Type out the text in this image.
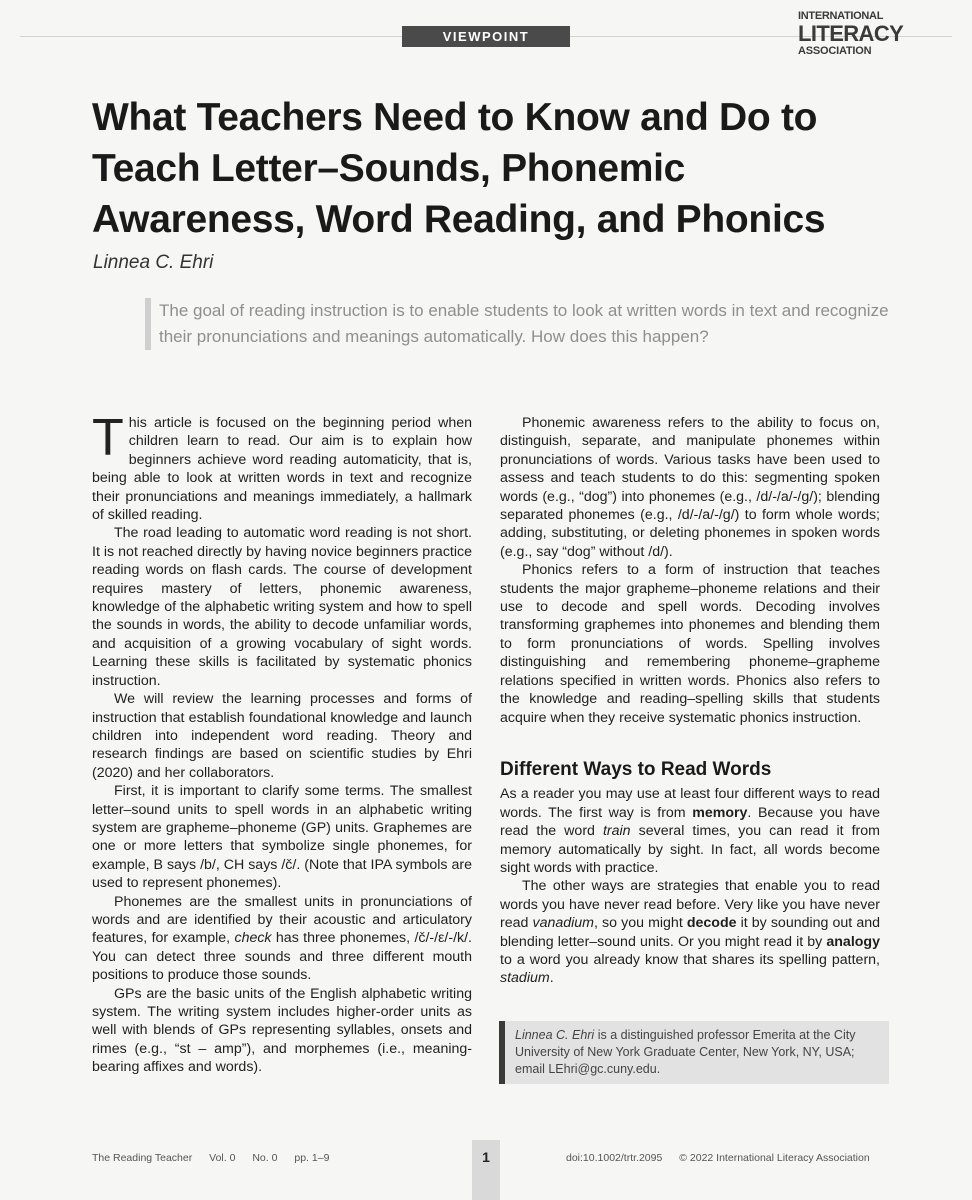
VIEWPOINT
INTERNATIONAL
LITERACY
ASSOCIATION
What Teachers Need to Know and Do to Teach Letter–Sounds, Phonemic Awareness, Word Reading, and Phonics
Linnea C. Ehri
The goal of reading instruction is to enable students to look at written words in text and recognize their pronunciations and meanings automatically. How does this happen?

This article is focused on the beginning period when children learn to read. Our aim is to explain how beginners achieve word reading automaticity, that is, being able to look at written words in text and recognize their pronunciations and meanings immediately, a hallmark of skilled reading.

The road leading to automatic word reading is not short. It is not reached directly by having novice beginners practice reading words on flash cards. The course of development requires mastery of letters, phonemic awareness, knowledge of the alphabetic writing system and how to spell the sounds in words, the ability to decode unfamiliar words, and acquisition of a growing vocabulary of sight words. Learning these skills is facilitated by systematic phonics instruction.

We will review the learning processes and forms of instruction that establish foundational knowledge and launch children into independent word reading. Theory and research findings are based on scientific studies by Ehri (2020) and her collaborators.

First, it is important to clarify some terms. The smallest letter–sound units to spell words in an alphabetic writing system are grapheme–phoneme (GP) units. Graphemes are one or more letters that symbolize single phonemes, for example, B says /b/, CH says /č/. (Note that IPA symbols are used to represent phonemes).

Phonemes are the smallest units in pronunciations of words and are identified by their acoustic and articulatory features, for example, check has three phonemes, /č/-/ε/-/k/. You can detect three sounds and three different mouth positions to produce those sounds.

GPs are the basic units of the English alphabetic writing system. The writing system includes higher-order units as well with blends of GPs representing syllables, onsets and rimes (e.g., “st – amp”), and morphemes (i.e., meaning-bearing affixes and words).

Phonemic awareness refers to the ability to focus on, distinguish, separate, and manipulate phonemes within pronunciations of words. Various tasks have been used to assess and teach students to do this: segmenting spoken words (e.g., “dog”) into phonemes (e.g., /d/-/a/-/g/); blending separated phonemes (e.g., /d/-/a/-/g/) to form whole words; adding, substituting, or deleting phonemes in spoken words (e.g., say “dog” without /d/).

Phonics refers to a form of instruction that teaches students the major grapheme–phoneme relations and their use to decode and spell words. Decoding involves transforming graphemes into phonemes and blending them to form pronunciations of words. Spelling involves distinguishing and remembering phoneme–grapheme relations specified in written words. Phonics also refers to the knowledge and reading–spelling skills that students acquire when they receive systematic phonics instruction.

Different Ways to Read Words

As a reader you may use at least four different ways to read words. The first way is from memory. Because you have read the word train several times, you can read it from memory automatically by sight. In fact, all words become sight words with practice.

The other ways are strategies that enable you to read words you have never read before. Very like you have never read vanadium, so you might decode it by sounding out and blending letter–sound units. Or you might read it by analogy to a word you already know that shares its spelling pattern, stadium.

Linnea C. Ehri is a distinguished professor Emerita at the City University of New York Graduate Center, New York, NY, USA; email LEhri@gc.cuny.edu.
The Reading Teacher Vol. 0 No. 0 pp. 1–9	1	doi:10.1002/trtr.2095 © 2022 International Literacy Association
